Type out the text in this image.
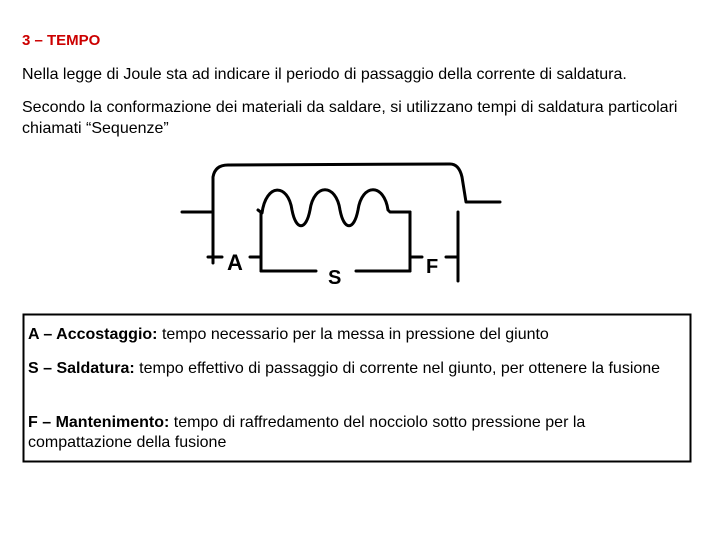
3 – TEMPO

Nella legge di Joule sta ad indicare il periodo di passaggio della corrente di saldatura.

Secondo la conformazione dei materiali da saldare, si utilizzano tempi di saldatura particolari chiamati “Sequenze”

A
S	F

A – Accostaggio: tempo necessario per la messa in pressione del giunto

S – Saldatura: tempo effettivo di passaggio di corrente nel giunto, per ottenere la fusione

F – Mantenimento: tempo di raffredamento del nocciolo sotto pressione per la compattazione della fusione
